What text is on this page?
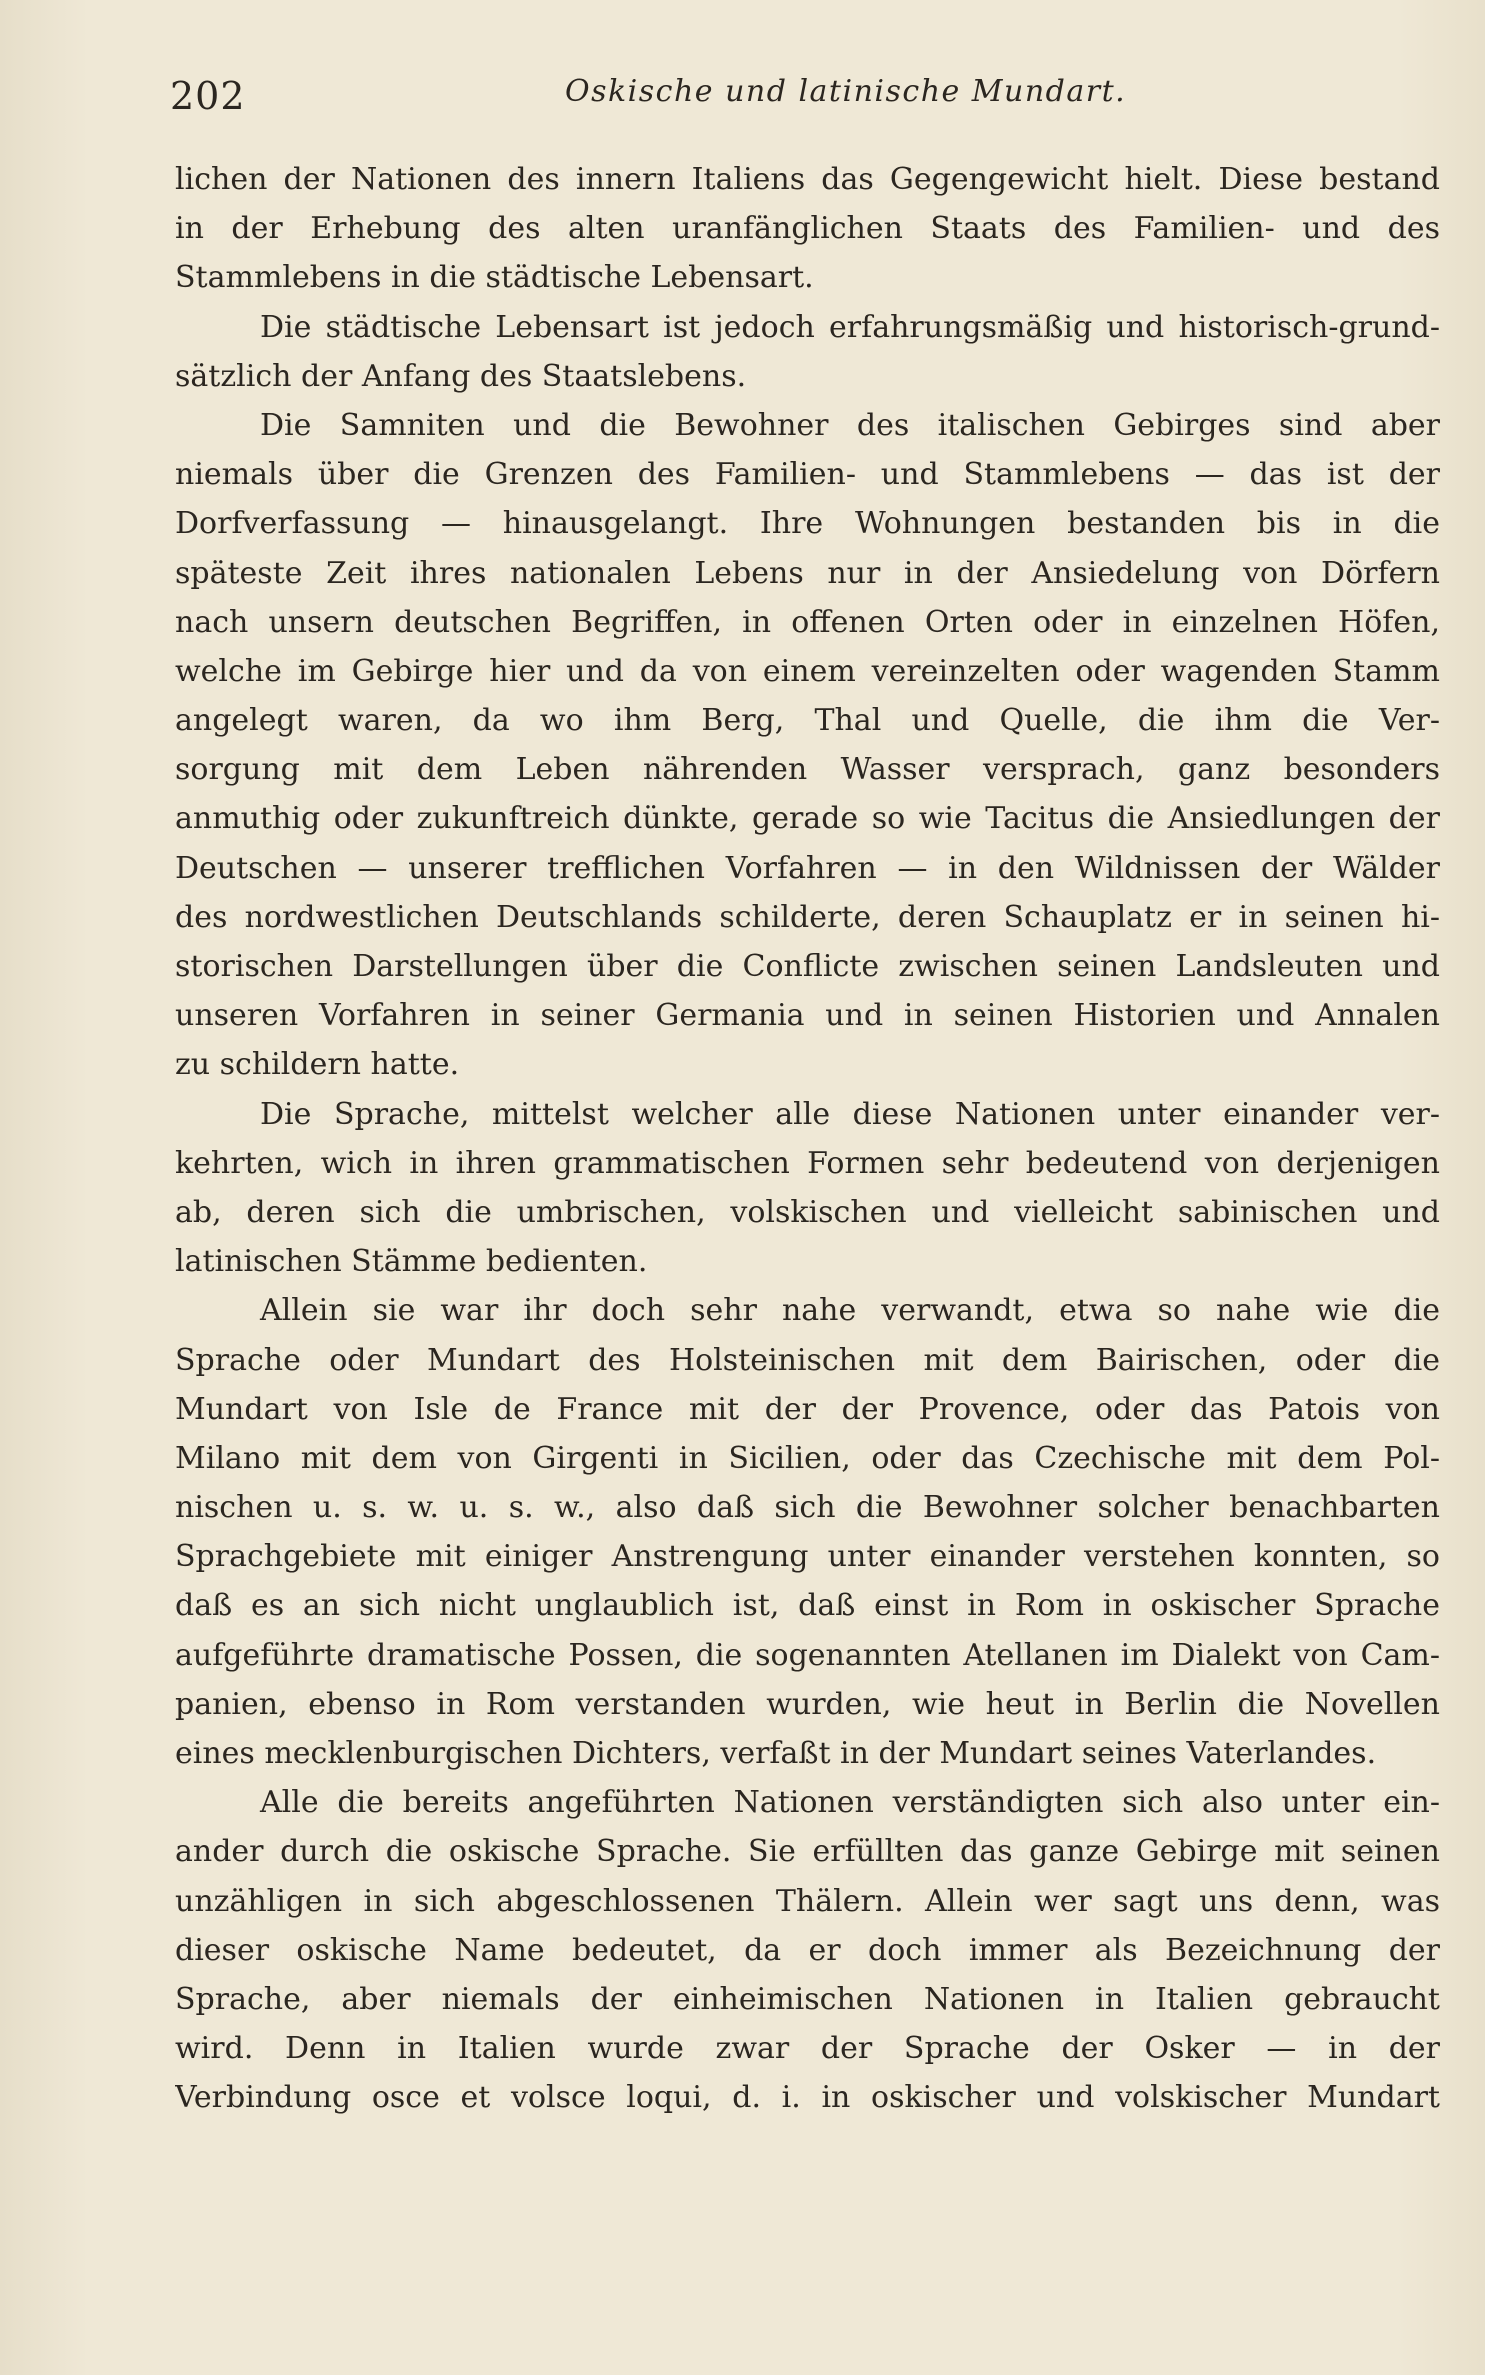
202	Oskische und latinische Mundart.
lichen der Nationen des innern Italiens das Gegengewicht hielt. Diese bestand
in der Erhebung des alten uranfänglichen Staats des Familien- und des
Stammlebens in die städtische Lebensart.
Die städtische Lebensart ist jedoch erfahrungsmäßig und historisch-grund-
sätzlich der Anfang des Staatslebens.
Die Samniten und die Bewohner des italischen Gebirges sind aber
niemals über die Grenzen des Familien- und Stammlebens — das ist der
Dorfverfassung — hinausgelangt. Ihre Wohnungen bestanden bis in die
späteste Zeit ihres nationalen Lebens nur in der Ansiedelung von Dörfern
nach unsern deutschen Begriffen, in offenen Orten oder in einzelnen Höfen,
welche im Gebirge hier und da von einem vereinzelten oder wagenden Stamm
angelegt waren, da wo ihm Berg, Thal und Quelle, die ihm die Ver-
sorgung mit dem Leben nährenden Wasser versprach, ganz besonders
anmuthig oder zukunftreich dünkte, gerade so wie Tacitus die Ansiedlungen der
Deutschen — unserer trefflichen Vorfahren — in den Wildnissen der Wälder
des nordwestlichen Deutschlands schilderte, deren Schauplatz er in seinen hi-
storischen Darstellungen über die Conflicte zwischen seinen Landsleuten und
unseren Vorfahren in seiner Germania und in seinen Historien und Annalen
zu schildern hatte.
Die Sprache, mittelst welcher alle diese Nationen unter einander ver-
kehrten, wich in ihren grammatischen Formen sehr bedeutend von derjenigen
ab, deren sich die umbrischen, volskischen und vielleicht sabinischen und
latinischen Stämme bedienten.
Allein sie war ihr doch sehr nahe verwandt, etwa so nahe wie die
Sprache oder Mundart des Holsteinischen mit dem Bairischen, oder die
Mundart von Isle de France mit der der Provence, oder das Patois von
Milano mit dem von Girgenti in Sicilien, oder das Czechische mit dem Pol-
nischen u. s. w. u. s. w., also daß sich die Bewohner solcher benachbarten
Sprachgebiete mit einiger Anstrengung unter einander verstehen konnten, so
daß es an sich nicht unglaublich ist, daß einst in Rom in oskischer Sprache
aufgeführte dramatische Possen, die sogenannten Atellanen im Dialekt von Cam-
panien, ebenso in Rom verstanden wurden, wie heut in Berlin die Novellen
eines mecklenburgischen Dichters, verfaßt in der Mundart seines Vaterlandes.
Alle die bereits angeführten Nationen verständigten sich also unter ein-
ander durch die oskische Sprache. Sie erfüllten das ganze Gebirge mit seinen
unzähligen in sich abgeschlossenen Thälern. Allein wer sagt uns denn, was
dieser oskische Name bedeutet, da er doch immer als Bezeichnung der
Sprache, aber niemals der einheimischen Nationen in Italien gebraucht
wird. Denn in Italien wurde zwar der Sprache der Osker — in der
Verbindung osce et volsce loqui, d. i. in oskischer und volskischer Mundart
